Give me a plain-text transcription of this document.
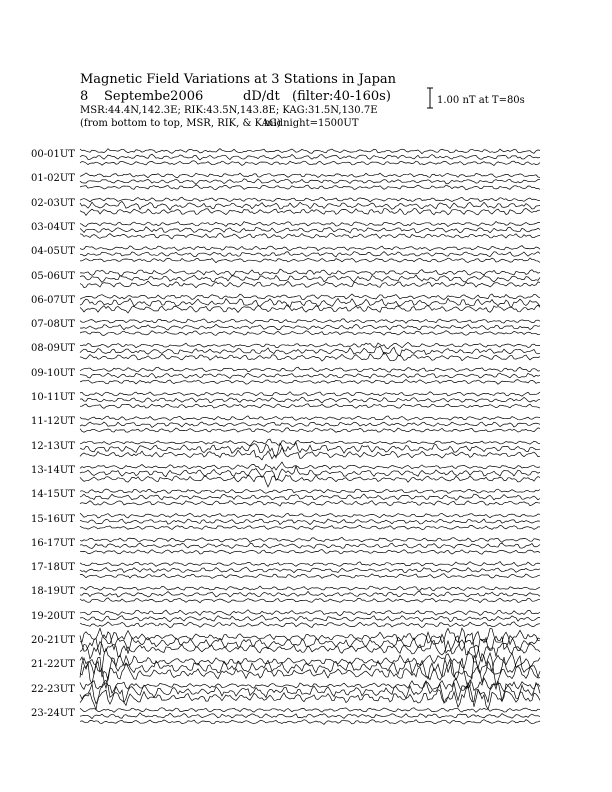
Magnetic Field Variations at 3 Stations in Japan
8 Septembe2006	dD/dt (filter:40-160s)
MSR:44.4N,142.3E; RIK:43.5N,143.8E; KAG:31.5N,130.7E
(from bottom to top, MSR, RIK, & KAG)
midnight=1500UT
1.00 nT at T=80s
00-01UT
01-02UT
02-03UT
03-04UT
04-05UT
05-06UT
06-07UT
07-08UT
08-09UT
09-10UT
10-11UT
11-12UT
12-13UT
13-14UT
14-15UT
15-16UT
16-17UT
17-18UT
18-19UT
19-20UT
20-21UT
21-22UT
22-23UT
23-24UT
